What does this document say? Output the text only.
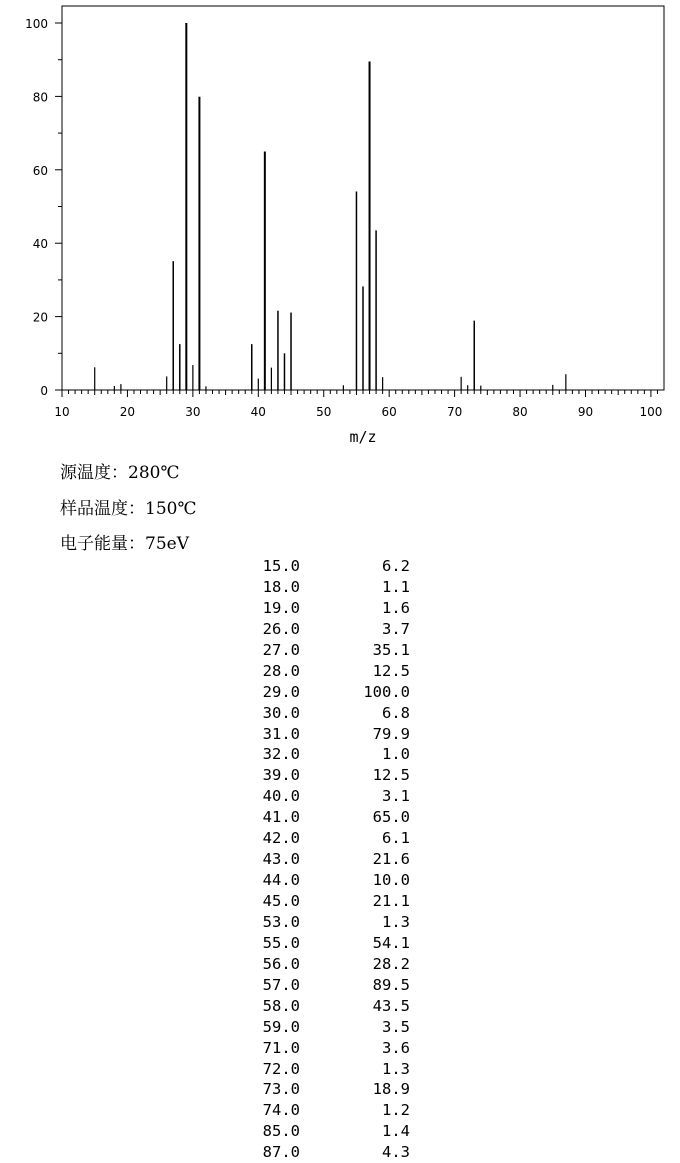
0
20
40
60
80
100
10	20	30	40	50	60	70	80	90	100
m/z
源温度：280℃
样品温度：150℃
电子能量：75eV
15.0	6.2
18.0	1.1
19.0	1.6
26.0	3.7
27.0	35.1
28.0	12.5
29.0	100.0
30.0	6.8
31.0	79.9
32.0	1.0
39.0	12.5
40.0	3.1
41.0	65.0
42.0	6.1
43.0	21.6
44.0	10.0
45.0	21.1
53.0	1.3
55.0	54.1
56.0	28.2
57.0	89.5
58.0	43.5
59.0	3.5
71.0	3.6
72.0	1.3
73.0	18.9
74.0	1.2
85.0	1.4
87.0	4.3
